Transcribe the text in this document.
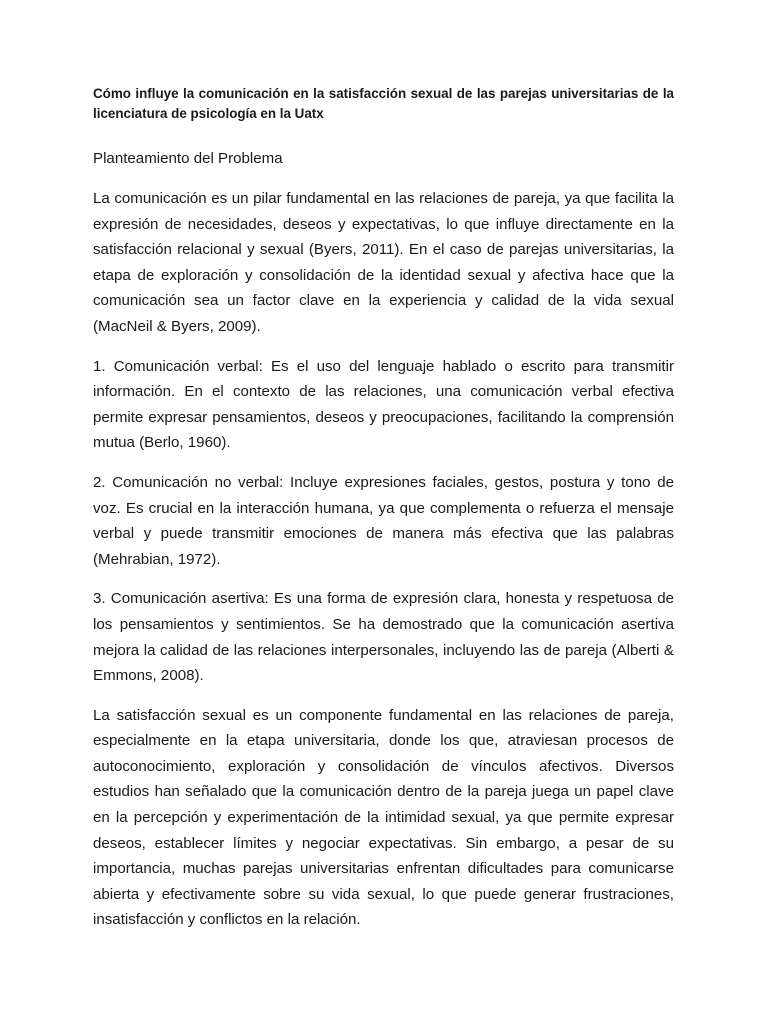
Cómo influye la comunicación en la satisfacción sexual de las parejas universitarias de la licenciatura de psicología en la Uatx
Planteamiento del Problema

La comunicación es un pilar fundamental en las relaciones de pareja, ya que facilita la expresión de necesidades, deseos y expectativas, lo que influye directamente en la satisfacción relacional y sexual (Byers, 2011). En el caso de parejas universitarias, la etapa de exploración y consolidación de la identidad sexual y afectiva hace que la comunicación sea un factor clave en la experiencia y calidad de la vida sexual (MacNeil & Byers, 2009).

1. Comunicación verbal: Es el uso del lenguaje hablado o escrito para transmitir información. En el contexto de las relaciones, una comunicación verbal efectiva permite expresar pensamientos, deseos y preocupaciones, facilitando la comprensión mutua (Berlo, 1960).

2. Comunicación no verbal: Incluye expresiones faciales, gestos, postura y tono de voz. Es crucial en la interacción humana, ya que complementa o refuerza el mensaje verbal y puede transmitir emociones de manera más efectiva que las palabras (Mehrabian, 1972).

3. Comunicación asertiva: Es una forma de expresión clara, honesta y respetuosa de los pensamientos y sentimientos. Se ha demostrado que la comunicación asertiva mejora la calidad de las relaciones interpersonales, incluyendo las de pareja (Alberti & Emmons, 2008).

La satisfacción sexual es un componente fundamental en las relaciones de pareja, especialmente en la etapa universitaria, donde los que, atraviesan procesos de autoconocimiento, exploración y consolidación de vínculos afectivos. Diversos estudios han señalado que la comunicación dentro de la pareja juega un papel clave en la percepción y experimentación de la intimidad sexual, ya que permite expresar deseos, establecer límites y negociar expectativas. Sin embargo, a pesar de su importancia, muchas parejas universitarias enfrentan dificultades para comunicarse abierta y efectivamente sobre su vida sexual, lo que puede generar frustraciones, insatisfacción y conflictos en la relación.
